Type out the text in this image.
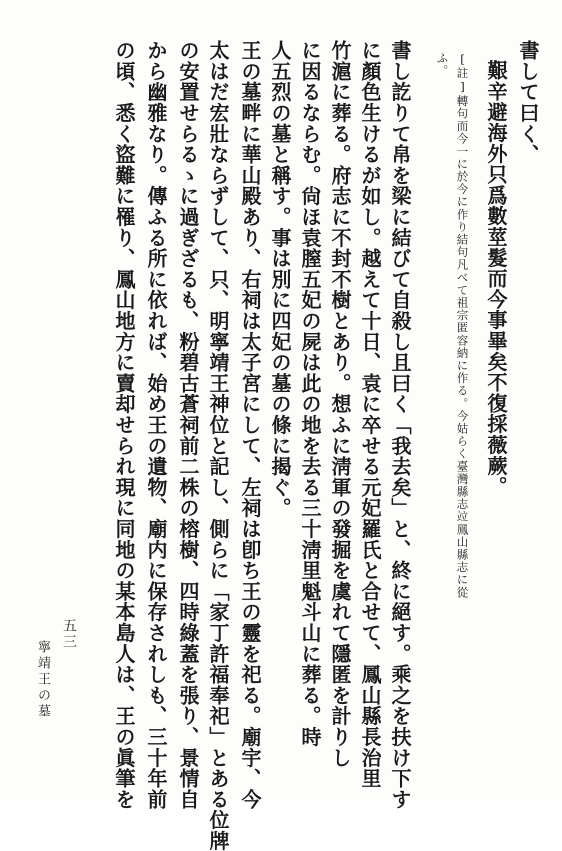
書して曰く、
艱辛避海外只爲數莖髮而今事畢矣不復採薇蕨。
[註]轉句而今一に於今に作り結句凡べて祖宗匿容納に作る。今姑らく臺灣縣志竝鳳山縣志に從
ふ。
書し訖りて帛を梁に結びて自殺し且曰く「我去矣」と、終に絕す。乘之を扶け下す
に顏色生けるが如し。越えて十日、袁に卒せる元妃羅氏と合せて、鳳山縣長治里
竹滬に葬る。府志に不封不樹とあり。想ふに淸軍の發掘を虞れて隱匿を計りし
に因るならむ。尙ほ袁膣五妃の屍は此の地を去る三十淸里魁斗山に葬る。時
人五烈の墓と稱す。事は別に四妃の墓の條に揭ぐ。
王の墓畔に華山殿あり、右祠は太子宮にして、左祠は卽ち王の靈を祀る。廟宇、今
太はだ宏壯ならずして、只、明寧靖王神位と記し、側らに「家丁許福奉祀」とある位牌
の安置せらるゝに過ぎざるも、粉碧古蒼祠前二株の榕樹、四時綠蓋を張り、景情自
から幽雅なり。傳ふる所に依れば、始め王の遺物、廟内に保存されしも、三十年前
の頃、悉く盜難に罹り、鳳山地方に賣却せられ現に同地の某本島人は、王の眞筆を
寧靖王の墓
五三
